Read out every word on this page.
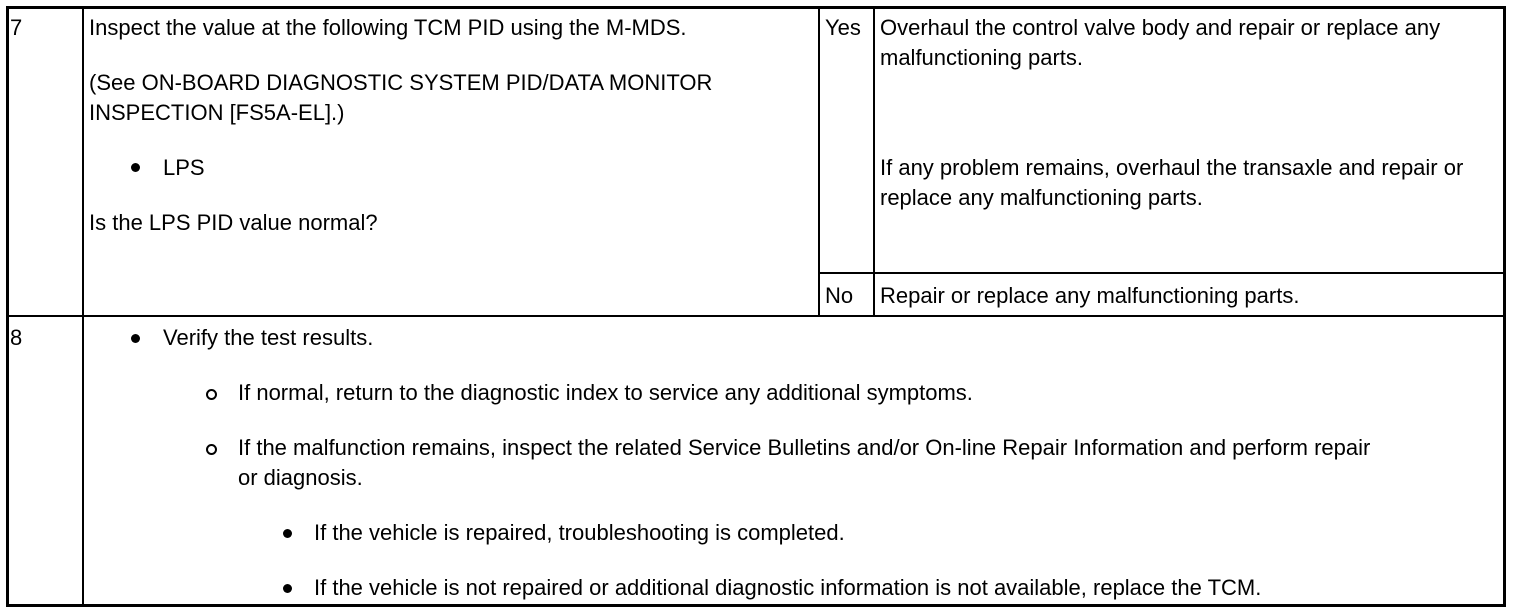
7	Inspect the value at the following TCM PID using the M-MDS.

(See ON-BOARD DIAGNOSTIC SYSTEM PID/DATA MONITOR INSPECTION [FS5A-EL].)

LPS

Is the LPS PID value normal?

Yes Overhaul the control valve body and repair or replace any malfunctioning parts.

If any problem remains, overhaul the transaxle and repair or replace any malfunctioning parts.

No Repair or replace any malfunctioning parts.

8	Verify the test results.

If normal, return to the diagnostic index to service any additional symptoms.

If the malfunction remains, inspect the related Service Bulletins and/or On-line Repair Information and perform repair or diagnosis.

If the vehicle is repaired, troubleshooting is completed.

If the vehicle is not repaired or additional diagnostic information is not available, replace the TCM.
